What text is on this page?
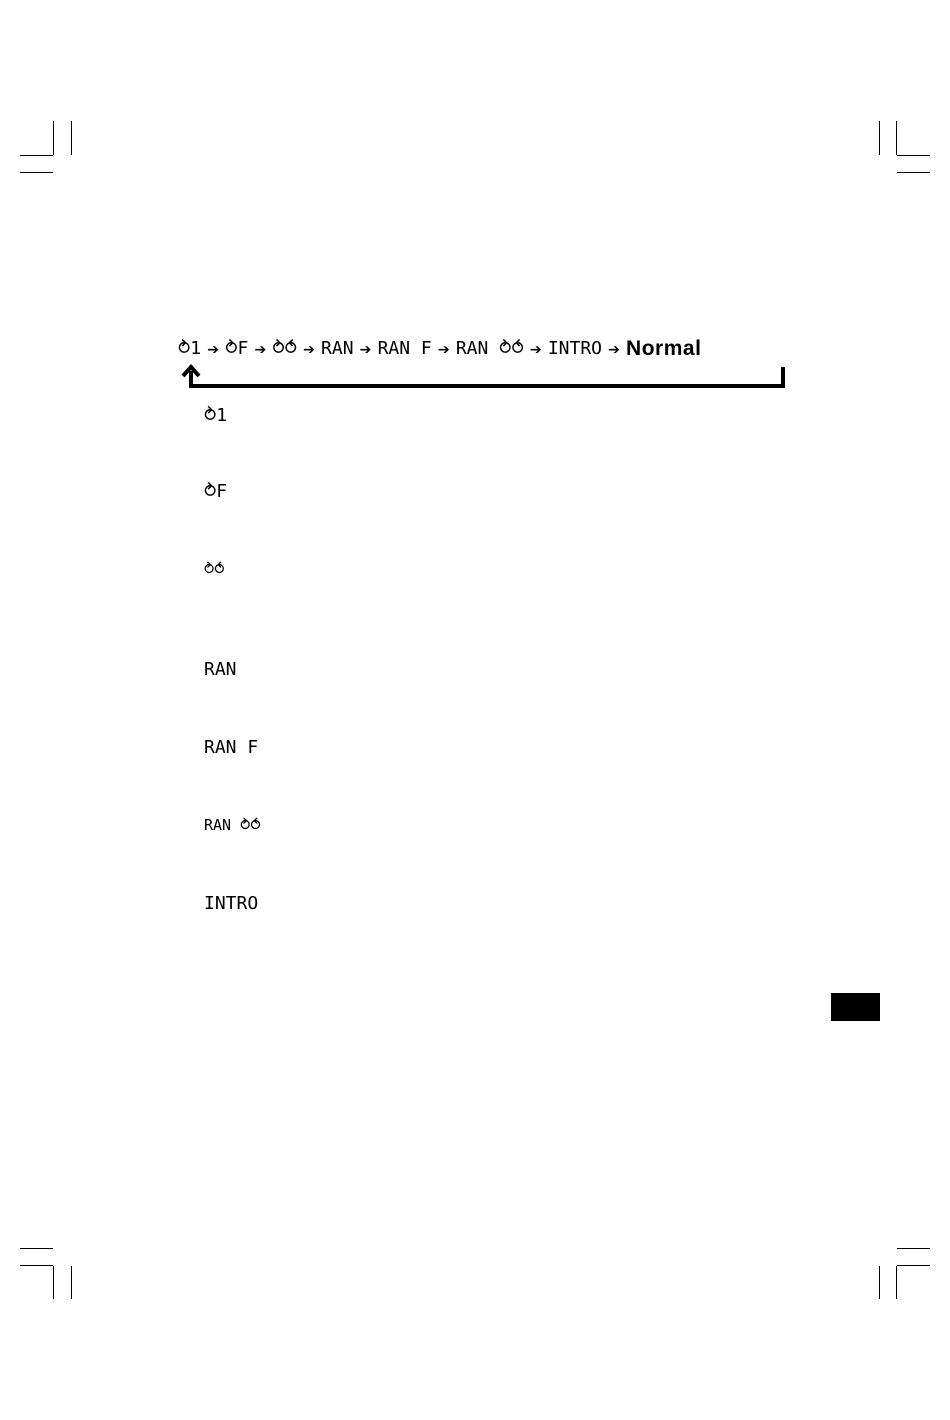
⥁1 ➔ ⥁F ➔ ⥁⥀ ➔ RAN ➔ RAN F ➔ RAN ⥁⥀ ➔ INTRO ➔ Normal
⥁1
⥁F
⥁⥀
RAN
RAN F
RAN ⥁⥀
INTRO
